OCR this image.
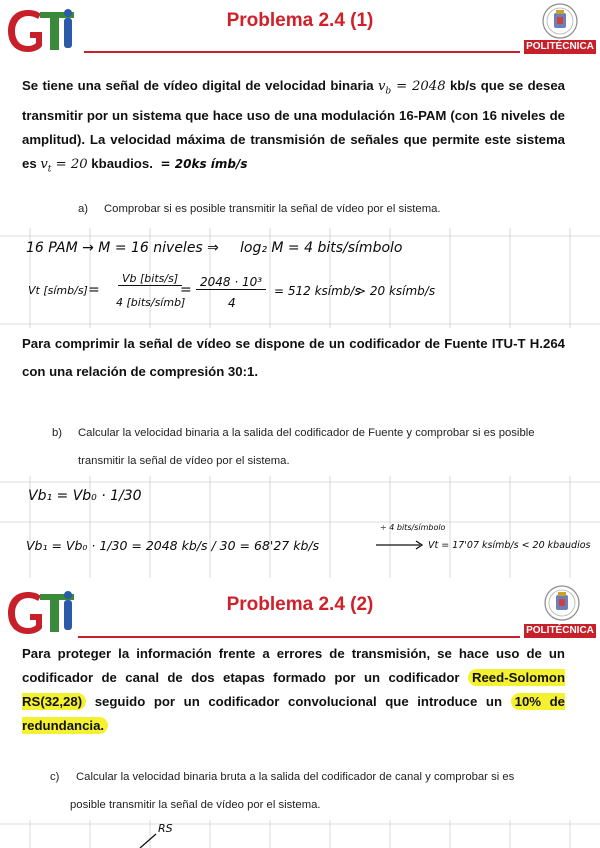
Problema 2.4 (1)
POLITÉCNICA
Se tiene una señal de vídeo digital de velocidad binaria $v_b = 2048$ kb/s que se desea transmitir por un sistema que hace uso de una modulación 16-PAM (con 16 niveles de amplitud). La velocidad máxima de transmisión de señales que permite este sistema es $v_t = 20$ kbaudios. = 20ks ímb/s
a) Comprobar si es posible transmitir la señal de vídeo por el sistema.
16 PAM → M = 16 niveles ⇒ log₂ M = 4 bits/símbolo
Vt [símb/s] =
Vb [bits/s]
4 [bits/símb]
= 2048 · 10³
4
= 512 ksímb/s
> 20 ksímb/s
Para comprimir la señal de vídeo se dispone de un codificador de Fuente ITU-T H.264 con una relación de compresión 30:1.
b) Calcular la velocidad binaria a la salida del codificador de Fuente y comprobar si es posible
transmitir la señal de vídeo por el sistema.
Vb₁ = Vb₀ · 1/30
Vb₁ = Vb₀ · 1/30 = 2048 kb/s / 30 = 68'27 kb/s
÷ 4 bits/símbolo
Vt = 17'07 ksímb/s < 20 kbaudios
Problema 2.4 (2)
POLITÉCNICA
Para proteger la información frente a errores de transmisión, se hace uso de un codificador de canal de dos etapas formado por un codificador Reed-Solomon RS(32,28) seguido por un codificador convolucional que introduce un 10% de redundancia.
c) Calcular la velocidad binaria bruta a la salida del codificador de canal y comprobar si es
posible transmitir la señal de vídeo por el sistema.
RS
